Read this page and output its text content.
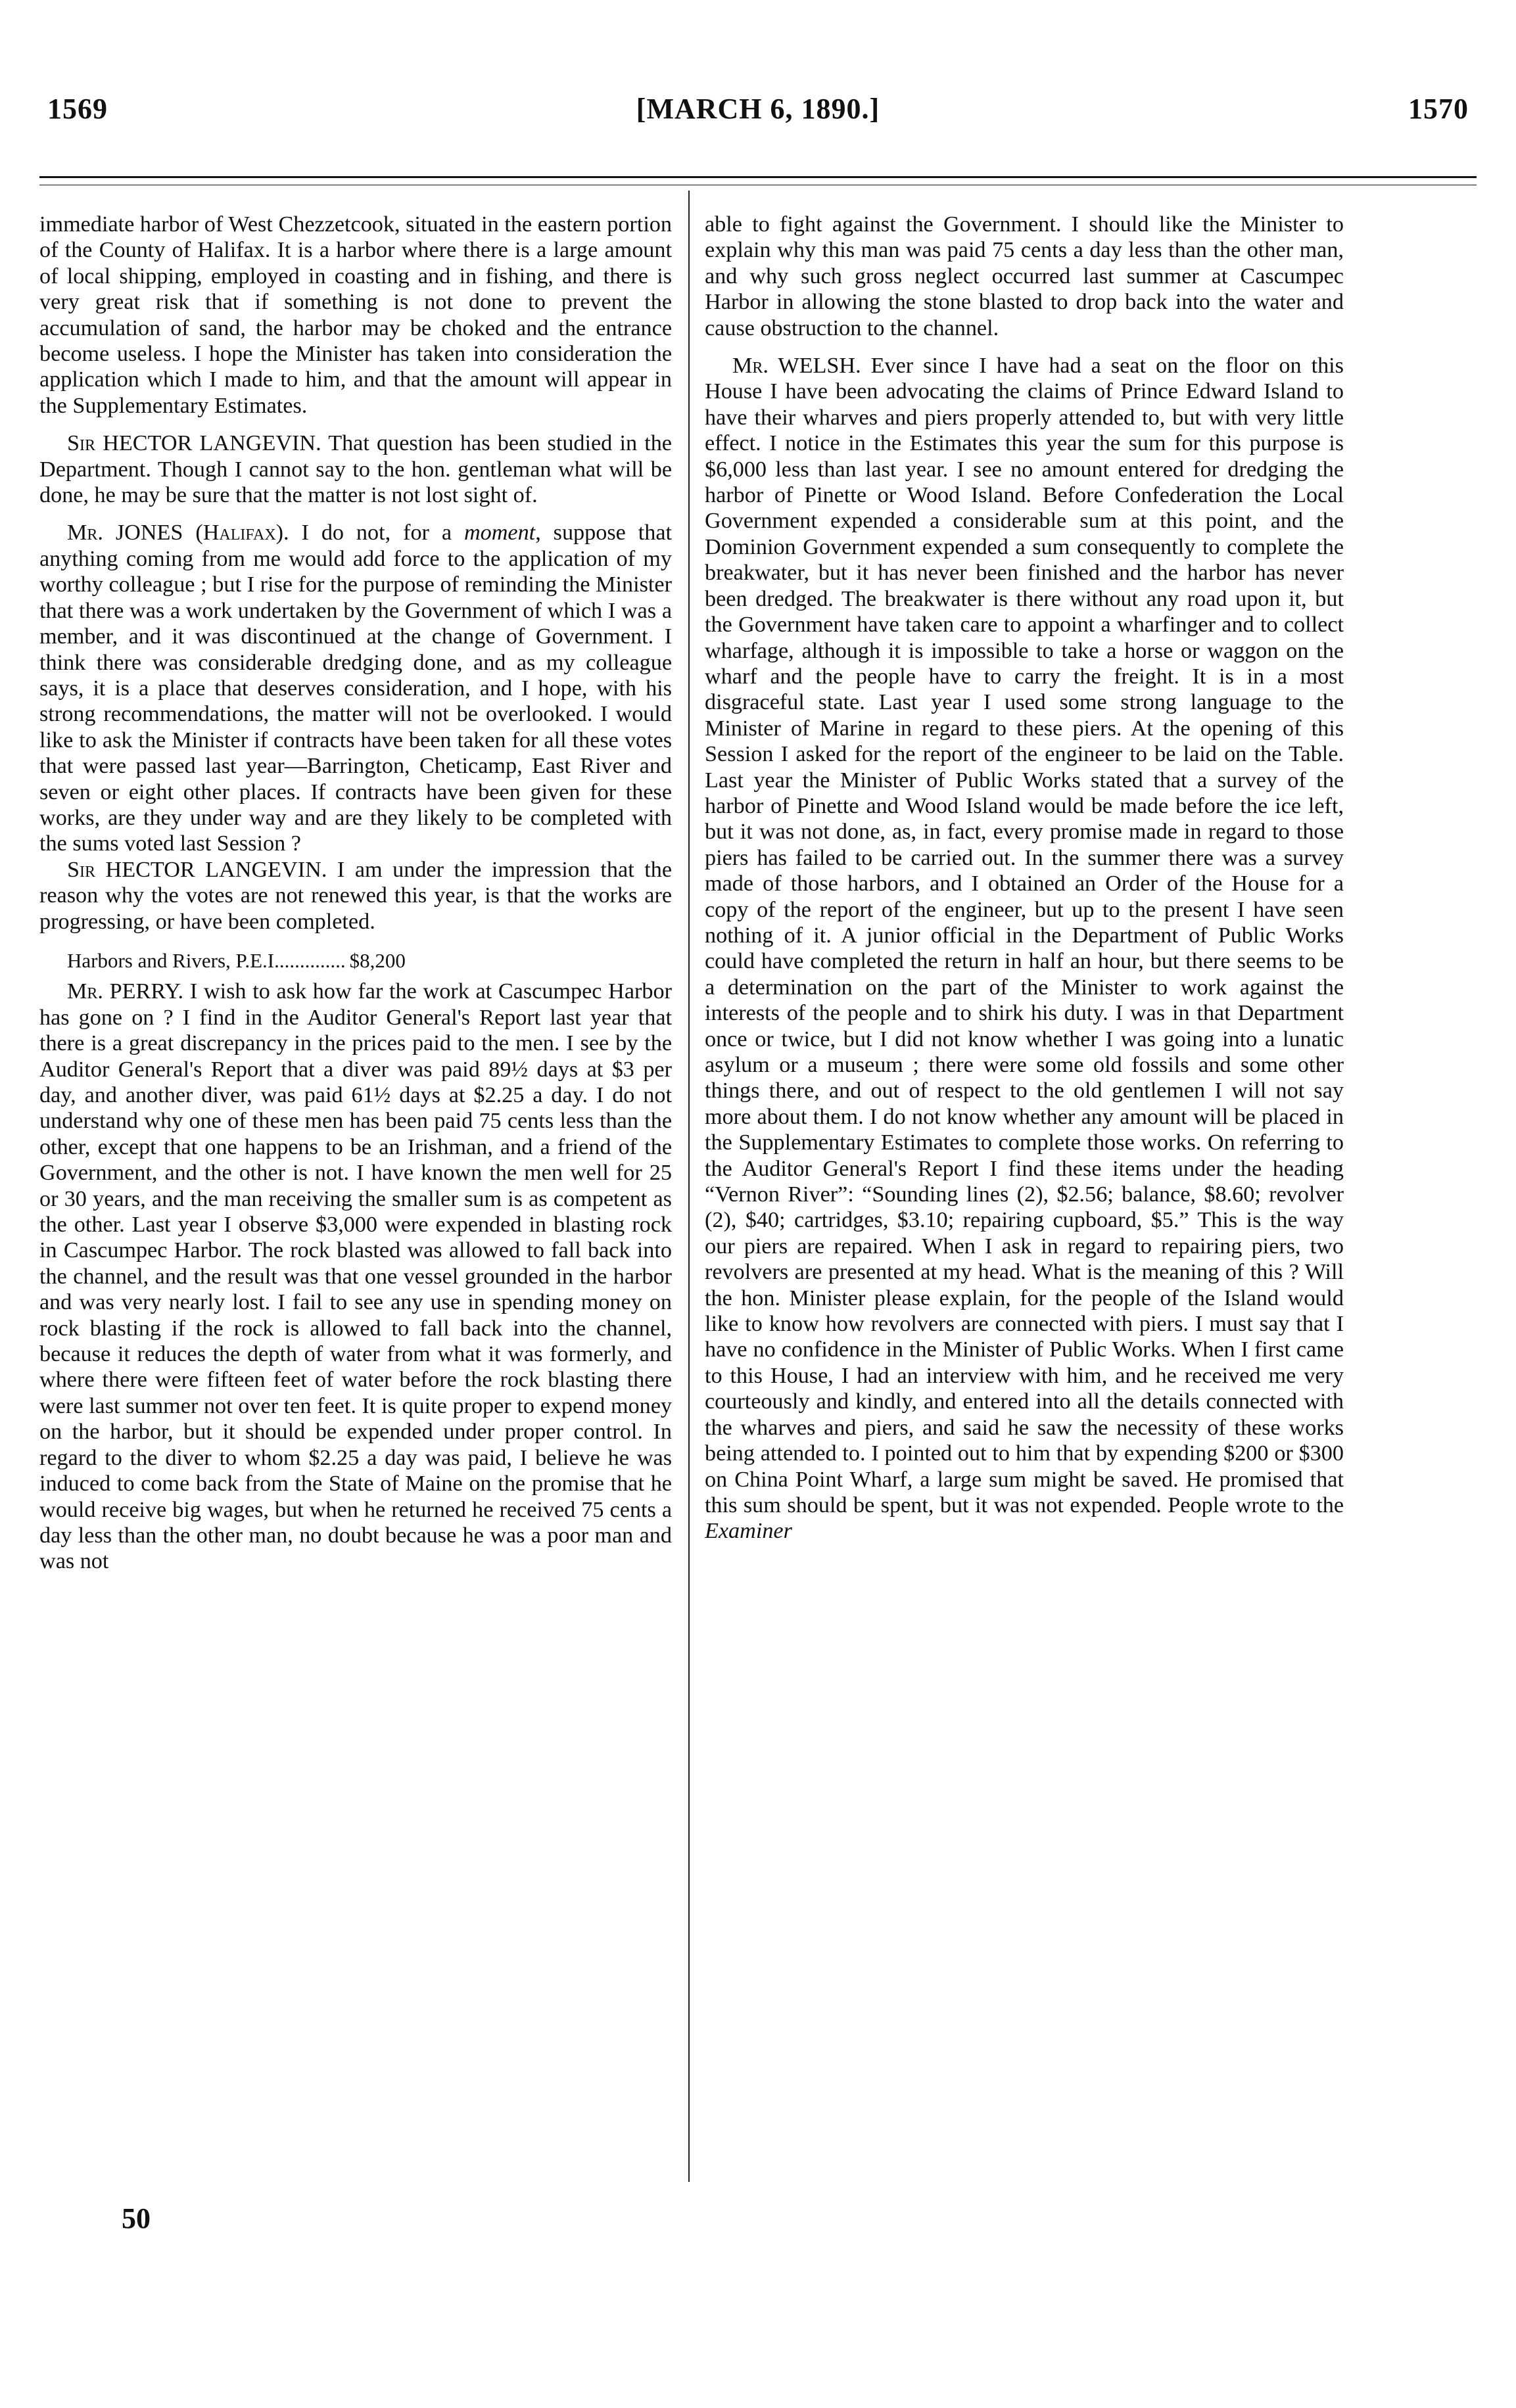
1569	[MARCH 6, 1890.]	1570

immediate harbor of West Chezzetcook, situated in the eastern portion of the County of Halifax. It is a harbor where there is a large amount of local shipping, employed in coasting and in fishing, and there is very great risk that if something is not done to prevent the accumulation of sand, the harbor may be choked and the entrance become useless. I hope the Minister has taken into consideration the application which I made to him, and that the amount will appear in the Supplementary Estimates.

Sir HECTOR LANGEVIN. That question has been studied in the Department. Though I cannot say to the hon. gentleman what will be done, he may be sure that the matter is not lost sight of.

Mr. JONES (Halifax). I do not, for a moment, suppose that anything coming from me would add force to the application of my worthy colleague ; but I rise for the purpose of reminding the Minister that there was a work undertaken by the Government of which I was a member, and it was discontinued at the change of Government. I think there was considerable dredging done, and as my colleague says, it is a place that deserves consideration, and I hope, with his strong recommendations, the matter will not be overlooked. I would like to ask the Minister if contracts have been taken for all these votes that were passed last year—Barrington, Cheticamp, East River and seven or eight other places. If contracts have been given for these works, are they under way and are they likely to be completed with the sums voted last Session ?

Sir HECTOR LANGEVIN. I am under the impression that the reason why the votes are not renewed this year, is that the works are progressing, or have been completed.

Harbors and Rivers, P.E.I.............. $8,200

Mr. PERRY. I wish to ask how far the work at Cascumpec Harbor has gone on ? I find in the Auditor General's Report last year that there is a great discrepancy in the prices paid to the men. I see by the Auditor General's Report that a diver was paid 89½ days at $3 per day, and another diver, was paid 61½ days at $2.25 a day. I do not understand why one of these men has been paid 75 cents less than the other, except that one happens to be an Irishman, and a friend of the Government, and the other is not. I have known the men well for 25 or 30 years, and the man receiving the smaller sum is as competent as the other. Last year I observe $3,000 were expended in blasting rock in Cascumpec Harbor. The rock blasted was allowed to fall back into the channel, and the result was that one vessel grounded in the harbor and was very nearly lost. I fail to see any use in spending money on rock blasting if the rock is allowed to fall back into the channel, because it reduces the depth of water from what it was formerly, and where there were fifteen feet of water before the rock blasting there were last summer not over ten feet. It is quite proper to expend money on the harbor, but it should be expended under proper control. In regard to the diver to whom $2.25 a day was paid, I believe he was induced to come back from the State of Maine on the promise that he would receive big wages, but when he returned he received 75 cents a day less than the other man, no doubt because he was a poor man and was not

able to fight against the Government. I should like the Minister to explain why this man was paid 75 cents a day less than the other man, and why such gross neglect occurred last summer at Cascumpec Harbor in allowing the stone blasted to drop back into the water and cause obstruction to the channel.

Mr. WELSH. Ever since I have had a seat on the floor on this House I have been advocating the claims of Prince Edward Island to have their wharves and piers properly attended to, but with very little effect. I notice in the Estimates this year the sum for this purpose is $6,000 less than last year. I see no amount entered for dredging the harbor of Pinette or Wood Island. Before Confederation the Local Government expended a considerable sum at this point, and the Dominion Government expended a sum consequently to complete the breakwater, but it has never been finished and the harbor has never been dredged. The breakwater is there without any road upon it, but the Government have taken care to appoint a wharfinger and to collect wharfage, although it is impossible to take a horse or waggon on the wharf and the people have to carry the freight. It is in a most disgraceful state. Last year I used some strong language to the Minister of Marine in regard to these piers. At the opening of this Session I asked for the report of the engineer to be laid on the Table. Last year the Minister of Public Works stated that a survey of the harbor of Pinette and Wood Island would be made before the ice left, but it was not done, as, in fact, every promise made in regard to those piers has failed to be carried out. In the summer there was a survey made of those harbors, and I obtained an Order of the House for a copy of the report of the engineer, but up to the present I have seen nothing of it. A junior official in the Department of Public Works could have completed the return in half an hour, but there seems to be a determination on the part of the Minister to work against the interests of the people and to shirk his duty. I was in that Department once or twice, but I did not know whether I was going into a lunatic asylum or a museum ; there were some old fossils and some other things there, and out of respect to the old gentlemen I will not say more about them. I do not know whether any amount will be placed in the Supplementary Estimates to complete those works. On referring to the Auditor General's Report I find these items under the heading “Vernon River”: “Sounding lines (2), $2.56; balance, $8.60; revolver (2), $40; cartridges, $3.10; repairing cupboard, $5.” This is the way our piers are repaired. When I ask in regard to repairing piers, two revolvers are presented at my head. What is the meaning of this ? Will the hon. Minister please explain, for the people of the Island would like to know how revolvers are connected with piers. I must say that I have no confidence in the Minister of Public Works. When I first came to this House, I had an interview with him, and he received me very courteously and kindly, and entered into all the details connected with the wharves and piers, and said he saw the necessity of these works being attended to. I pointed out to him that by expending $200 or $300 on China Point Wharf, a large sum might be saved. He promised that this sum should be spent, but it was not expended. People wrote to the Examiner

50
